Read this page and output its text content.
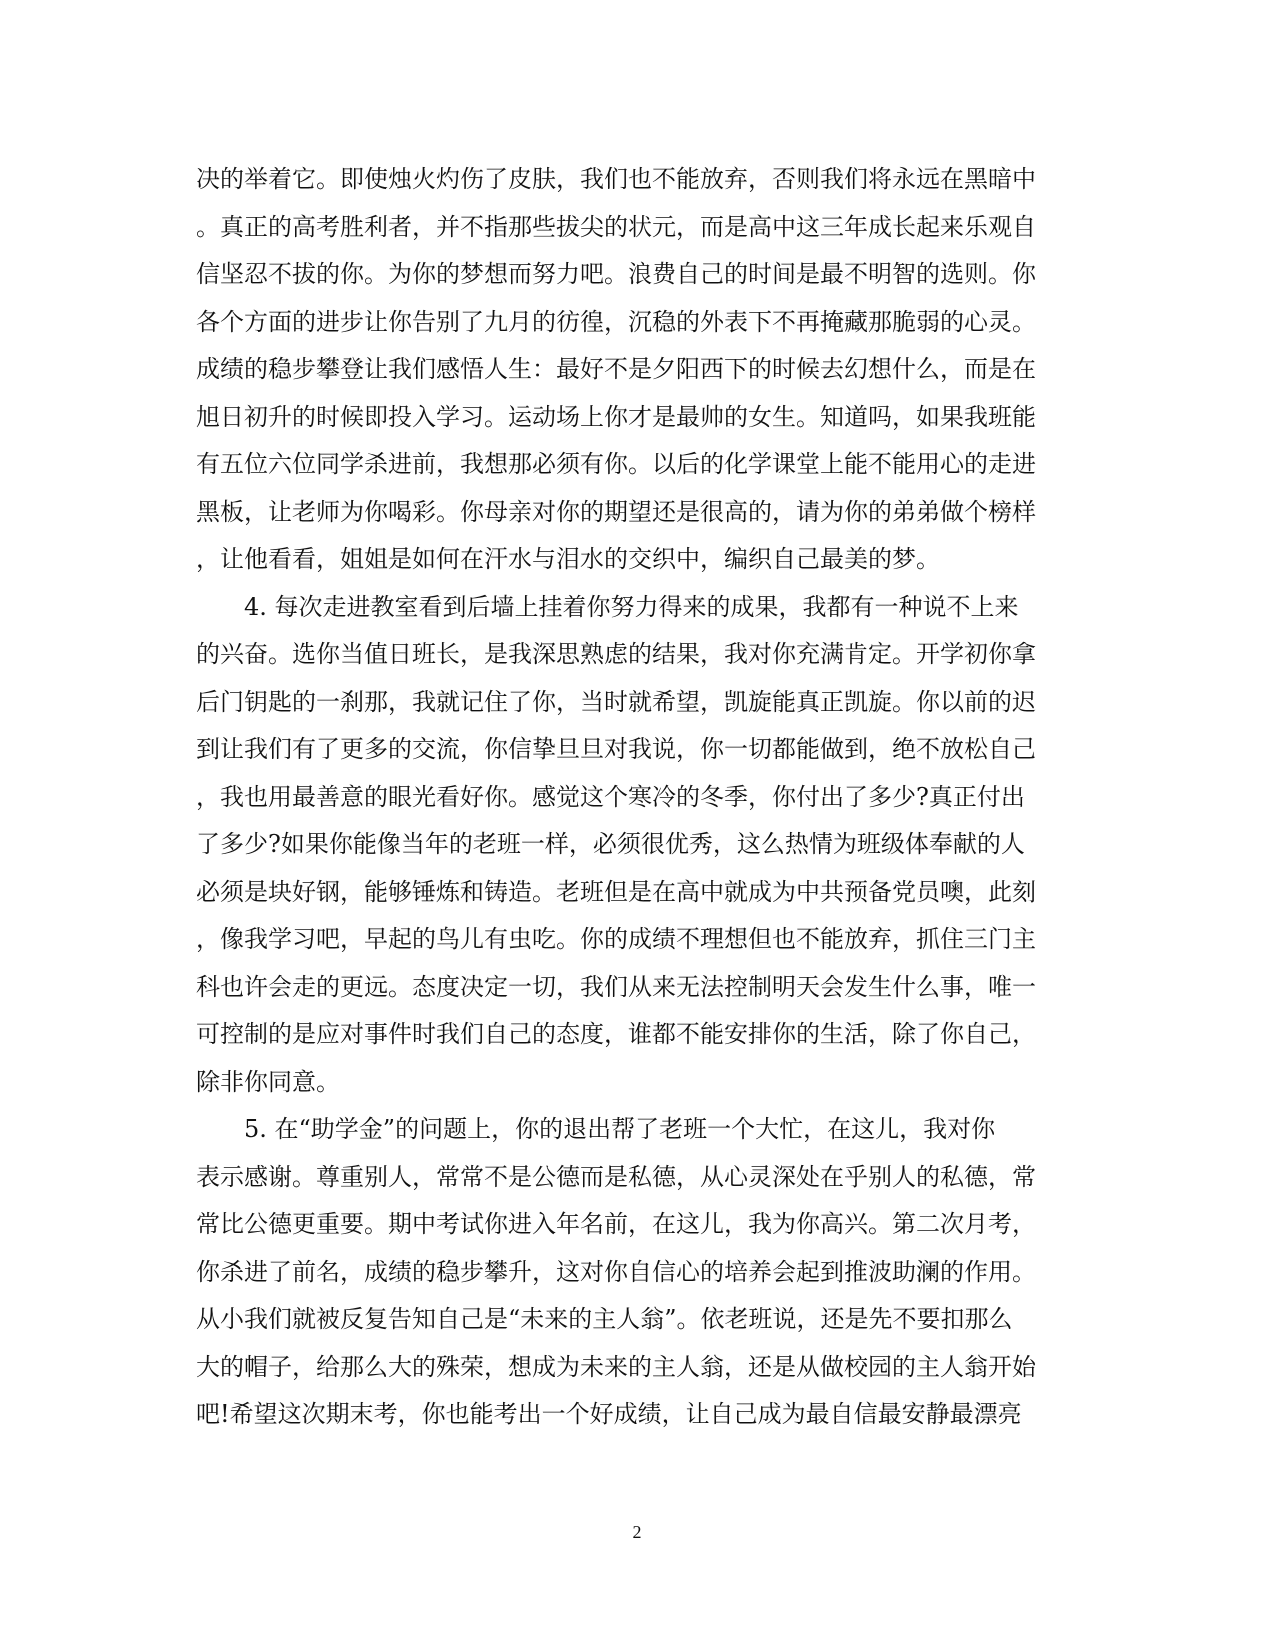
决的举着它。即使烛火灼伤了皮肤，我们也不能放弃，否则我们将永远在黑暗中
。真正的高考胜利者，并不指那些拔尖的状元，而是高中这三年成长起来乐观自
信坚忍不拔的你。为你的梦想而努力吧。浪费自己的时间是最不明智的选则。你
各个方面的进步让你告别了九月的彷徨，沉稳的外表下不再掩藏那脆弱的心灵。
成绩的稳步攀登让我们感悟人生：最好不是夕阳西下的时候去幻想什么，而是在
旭日初升的时候即投入学习。运动场上你才是最帅的女生。知道吗，如果我班能
有五位六位同学杀进前，我想那必须有你。以后的化学课堂上能不能用心的走进
黑板，让老师为你喝彩。你母亲对你的期望还是很高的，请为你的弟弟做个榜样
，让他看看，姐姐是如何在汗水与泪水的交织中，编织自己最美的梦。
4. 每次走进教室看到后墙上挂着你努力得来的成果，我都有一种说不上来
的兴奋。选你当值日班长，是我深思熟虑的结果，我对你充满肯定。开学初你拿
后门钥匙的一刹那，我就记住了你，当时就希望，凯旋能真正凯旋。你以前的迟
到让我们有了更多的交流，你信挚旦旦对我说，你一切都能做到，绝不放松自己
，我也用最善意的眼光看好你。感觉这个寒冷的冬季，你付出了多少?真正付出
了多少?如果你能像当年的老班一样，必须很优秀，这么热情为班级体奉献的人
必须是块好钢，能够锤炼和铸造。老班但是在高中就成为中共预备党员噢，此刻
，像我学习吧，早起的鸟儿有虫吃。你的成绩不理想但也不能放弃，抓住三门主
科也许会走的更远。态度决定一切，我们从来无法控制明天会发生什么事，唯一
可控制的是应对事件时我们自己的态度，谁都不能安排你的生活，除了你自己，
除非你同意。
5. 在“助学金”的问题上，你的退出帮了老班一个大忙，在这儿，我对你
表示感谢。尊重别人，常常不是公德而是私德，从心灵深处在乎别人的私德，常
常比公德更重要。期中考试你进入年名前，在这儿，我为你高兴。第二次月考，
你杀进了前名，成绩的稳步攀升，这对你自信心的培养会起到推波助澜的作用。
从小我们就被反复告知自己是“未来的主人翁”。依老班说，还是先不要扣那么
大的帽子，给那么大的殊荣，想成为未来的主人翁，还是从做校园的主人翁开始
吧!希望这次期末考，你也能考出一个好成绩，让自己成为最自信最安静最漂亮
2
